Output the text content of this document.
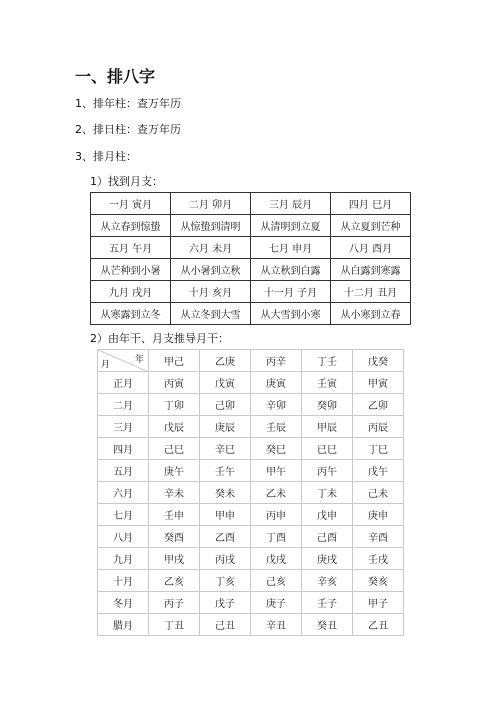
一、排八字
1、排年柱：查万年历
2、排日柱：查万年历
3、排月柱：
1）找到月支：
一月 寅月	二月 卯月	三月 辰月	四月 巳月
从立春到惊蛰	从惊蛰到清明	从清明到立夏	从立夏到芒种
五月 午月	六月 未月	七月 申月	八月 酉月
从芒种到小暑	从小暑到立秋	从立秋到白露	从白露到寒露
九月 戌月	十月 亥月	十一月 子月	十二月 丑月
从寒露到立冬	从立冬到大雪	从大雪到小寒	从小寒到立春
2）由年干、月支推导月干：
年
月	甲己	乙庚	丙辛	丁壬	戊癸
正月	丙寅	戊寅	庚寅	壬寅	甲寅
二月	丁卯	己卯	辛卯	癸卯	乙卯
三月	戊辰	庚辰	壬辰	甲辰	丙辰
四月	己巳	辛巳	癸巳	已巳	丁巳
五月	庚午	壬午	甲午	丙午	戊午
六月	辛未	癸未	乙未	丁未	己未
七月	壬申	甲申	丙申	戊申	庚申
八月	癸酉	乙酉	丁酉	己酉	辛酉
九月	甲戌	丙戌	戊戌	庚戌	壬戌
十月	乙亥	丁亥	己亥	辛亥	癸亥
冬月	丙子	戊子	庚子	壬子	甲子
腊月	丁丑	己丑	辛丑	癸丑	乙丑
